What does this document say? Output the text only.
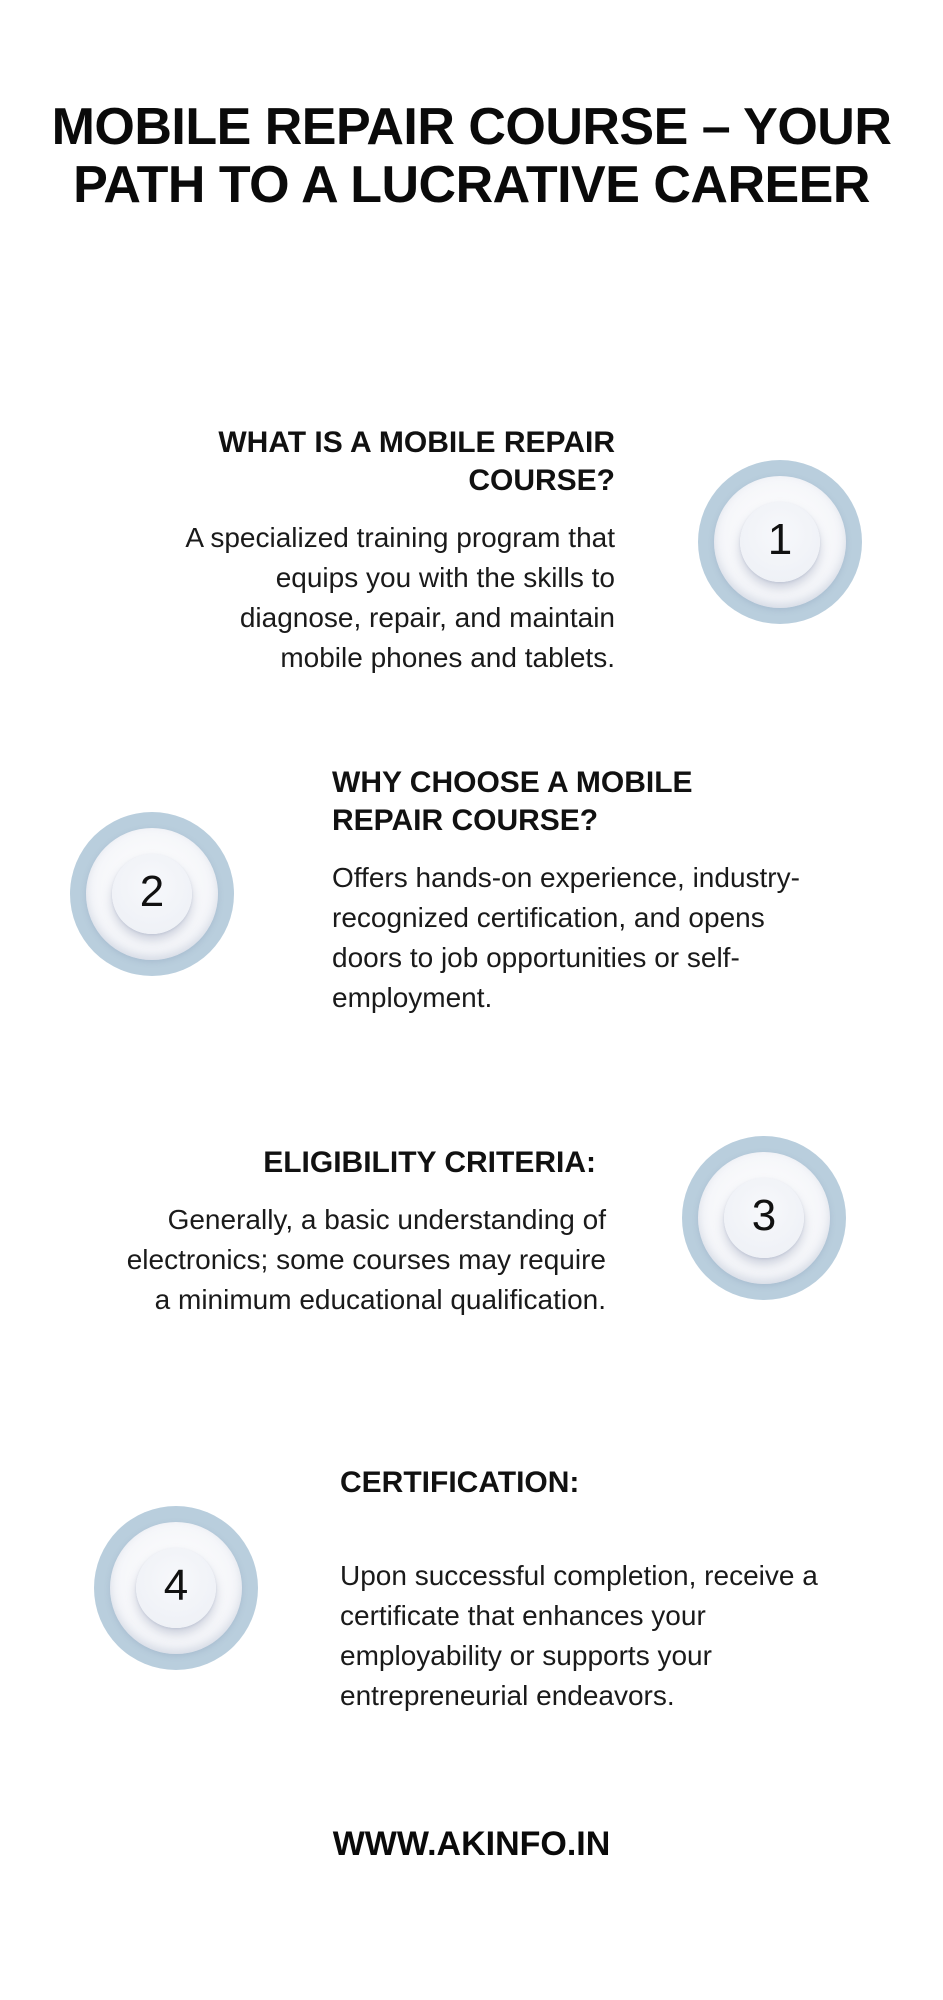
MOBILE REPAIR COURSE – YOUR
PATH TO A LUCRATIVE CAREER
1
WHAT IS A MOBILE REPAIR
COURSE?

A specialized training program that
equips you with the skills to
diagnose, repair, and maintain
mobile phones and tablets.

2
WHY CHOOSE A MOBILE
REPAIR COURSE?

Offers hands-on experience, industry-
recognized certification, and opens
doors to job opportunities or self-
employment.

3
ELIGIBILITY CRITERIA:

Generally, a basic understanding of
electronics; some courses may require
a minimum educational qualification.

4
CERTIFICATION:

Upon successful completion, receive a
certificate that enhances your
employability or supports your
entrepreneurial endeavors.

WWW.AKINFO.IN
